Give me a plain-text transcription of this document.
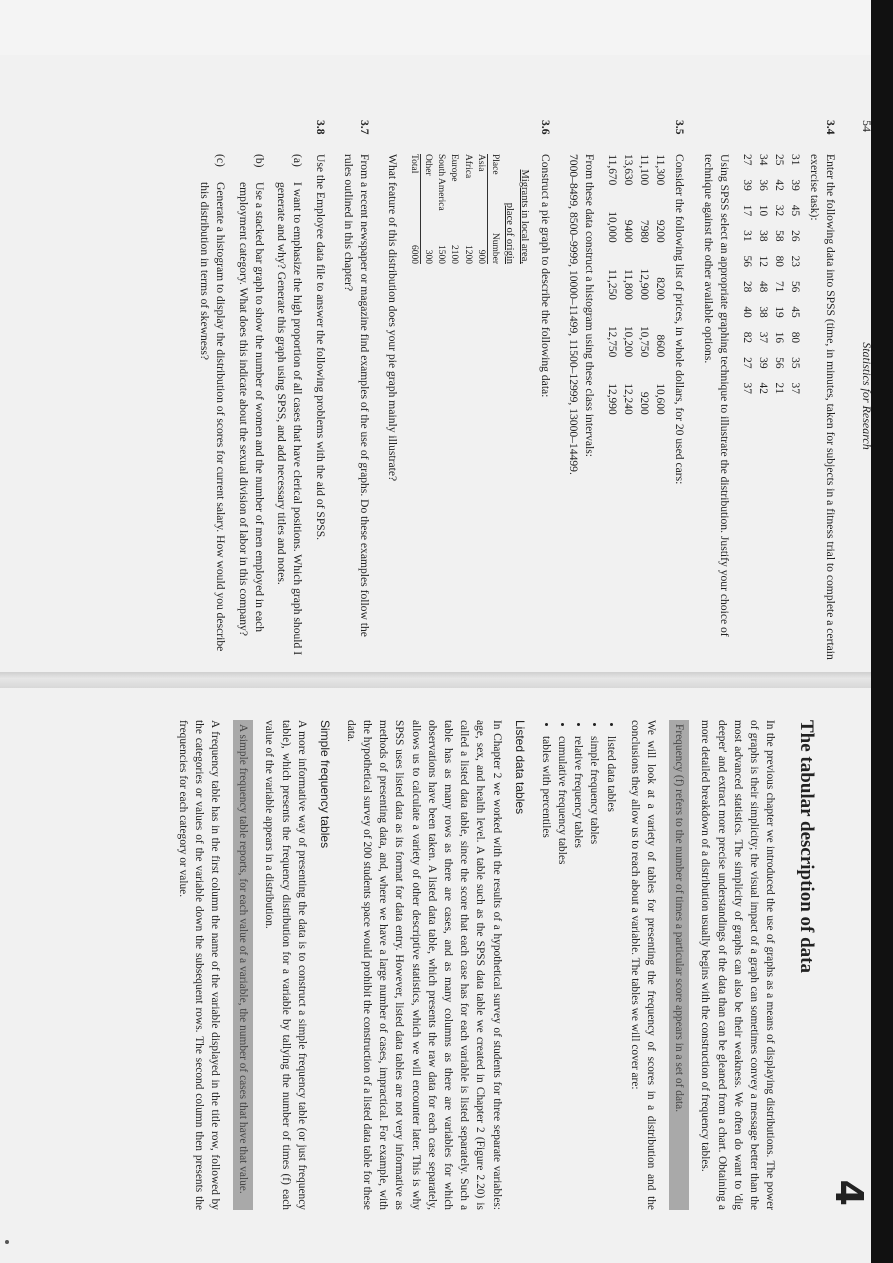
54
Statistics for Research
3.4
Enter the following data into SPSS (time, in minutes, taken for subjects in a fitness trial to complete a certain exercise task):
31	39	45	26	23	56	45	80	35	37
25	42	32	58	80	71	19	16	56	21
34	36	10	38	12	48	38	37	39	42
27	39	17	31	56	28	40	82	27	37
Using SPSS select an appropriate graphing technique to illustrate the distribution. Justify your choice of technique against the other available options.
3.5
Consider the following list of prices, in whole dollars, for 20 used cars:
11,300	9200	8200	8600	10,600
11,100	7980	12,900	10,750	9200
13,630	9400	11,800	10,200	12,240
11,670	10,000	11,250	12,750	12,990
From these data construct a histogram using these class intervals:
7000–8499, 8500–9999, 10000–11499, 11500–12999, 13000–14499.
3.6
Construct a pie graph to describe the following data:
Migrants in local area, place of origin	
Place	Number
Asia	900
Africa	1200
Europe	2100
South America	1500
Other	300
Total	6000
What feature of this distribution does your pie graph mainly illustrate?
3.7
From a recent newspaper or magazine find examples of the use of graphs. Do these examples follow the rules outlined in this chapter?
3.8
Use the Employee data file to answer the following problems with the aid of SPSS.
(a)
I want to emphasize the high proportion of all cases that have clerical positions. Which graph should I generate and why? Generate this graph using SPSS, and add necessary titles and notes.
(b)
Use a stacked bar graph to show the number of women and the number of men employed in each employment category. What does this indicate about the sexual division of labor in this company?
(c)
Generate a histogram to display the distribution of scores for current salary. How would you describe this distribution in terms of skewness?
4
The tabular description of data

In the previous chapter we introduced the use of graphs as a means of displaying distributions. The power of graphs is their simplicity; the visual impact of a graph can sometimes convey a message better than the most advanced statistics. The simplicity of graphs can also be their weakness. We often do want to 'dig deeper' and extract more precise understandings of the data than can be gleaned from a chart. Obtaining a more detailed breakdown of a distribution usually begins with the construction of frequency tables.

Frequency (f) refers to the number of times a particular score appears in a set of data.

We will look at a variety of tables for presenting the frequency of scores in a distribution and the conclusions they allow us to reach about a variable. The tables we will cover are:

• listed data tables
• simple frequency tables
• relative frequency tables
• cumulative frequency tables
• tables with percentiles
Listed data tables

In Chapter 2 we worked with the results of a hypothetical survey of students for three separate variables: age, sex, and health level. A table such as the SPSS data table we created in Chapter 2 (Figure 2.20) is called a listed data table, since the score that each case has for each variable is listed separately. Such a table has as many rows as there are cases, and as many columns as there are variables for which observations have been taken. A listed data table, which presents the raw data for each case separately, allows us to calculate a variety of other descriptive statistics, which we will encounter later. This is why SPSS uses listed data as its format for data entry. However, listed data tables are not very informative as methods of presenting data, and, where we have a large number of cases, impractical. For example, with the hypothetical survey of 200 students space would prohibit the construction of a listed data table for these data.

Simple frequency tables

A more informative way of presenting the data is to construct a simple frequency table (or just frequency table), which presents the frequency distribution for a variable by tallying the number of times (f) each value of the variable appears in a distribution.

A simple frequency table reports, for each value of a variable, the number of cases that have that value.

A frequency table has in the first column the name of the variable displayed in the title row, followed by the categories or values of the variable down the subsequent rows. The second column then presents the frequencies for each category or value.
